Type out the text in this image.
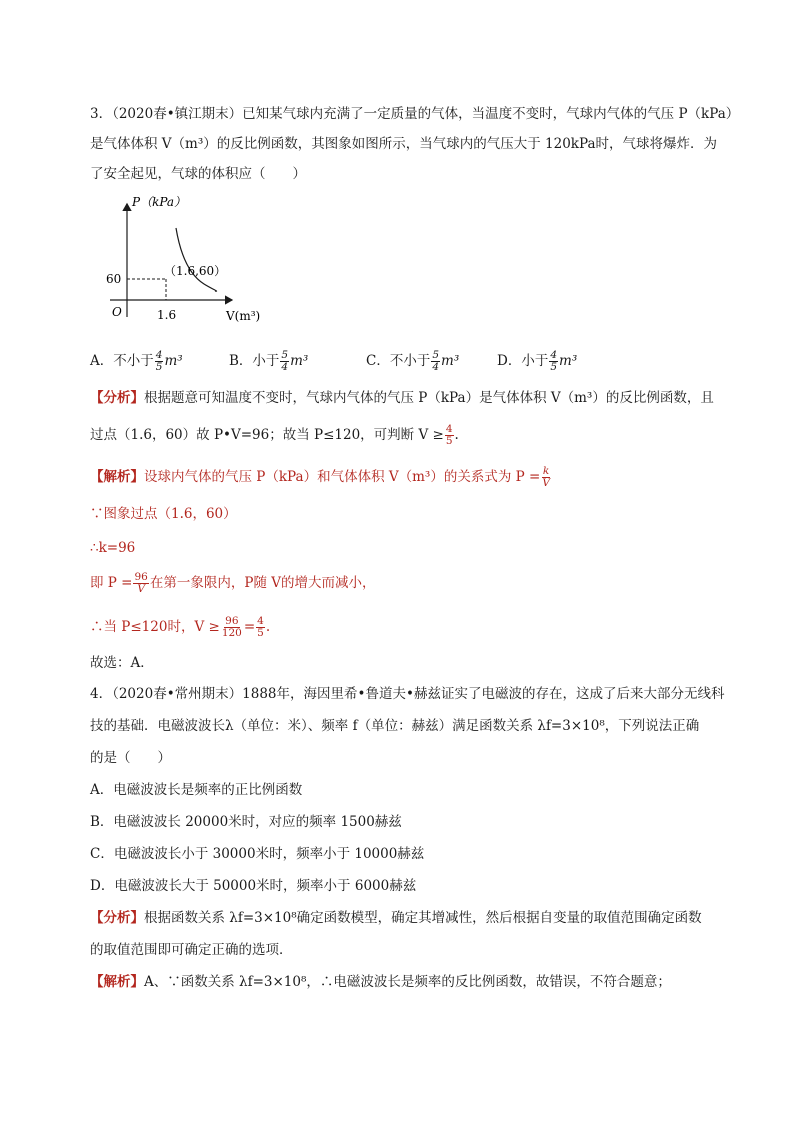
3．（2020春•镇江期末）已知某气球内充满了一定质量的气体，当温度不变时，气球内气体的气压 P（kPa）
是气体体积 V（m³）的反比例函数，其图象如图所示，当气球内的气压大于 120kPa时，气球将爆炸．为
了安全起见，气球的体积应（　　）
P（kPa）
V(m³)
O
60
1.6
（1.6,60）
A．不小于 $\frac{4}{5} m^3$	B．小于 $\frac{5}{4} m^3$	C．不小于 $\frac{5}{4} m^3$	D．小于 $\frac{4}{5} m^3$
【分析】根据题意可知温度不变时，气球内气体的气压 P（kPa）是气体体积 V（m³）的反比例函数，且
过点（1.6，60）故 P•V=96；故当 P≤120，可判断 $V \ge \frac{4}{5}$ .
【解析】设球内气体的气压 P（kPa）和气体体积 V（m³）的关系式为 $P = \frac{k}{V}$
∵图象过点（1.6，60）
∴k=96
即 $P = \frac{96}{V}$ 在第一象限内，P随 V的增大而减小，
∴当 P≤120时，$V \ge \frac{96}{120} = \frac{4}{5}$ .
故选：A．
4．（2020春•常州期末）1888年，海因里希•鲁道夫•赫兹证实了电磁波的存在，这成了后来大部分无线科
技的基础．电磁波波长λ（单位：米）、频率 f（单位：赫兹）满足函数关系 λf=3×10⁸，下列说法正确
的是（　　）
A．电磁波波长是频率的正比例函数
B．电磁波波长 20000米时，对应的频率 1500赫兹
C．电磁波波长小于 30000米时，频率小于 10000赫兹
D．电磁波波长大于 50000米时，频率小于 6000赫兹
【分析】根据函数关系 λf=3×10⁸确定函数模型，确定其增减性，然后根据自变量的取值范围确定函数
的取值范围即可确定正确的选项．
【解析】A、∵函数关系 λf=3×10⁸，∴电磁波波长是频率的反比例函数，故错误，不符合题意；
